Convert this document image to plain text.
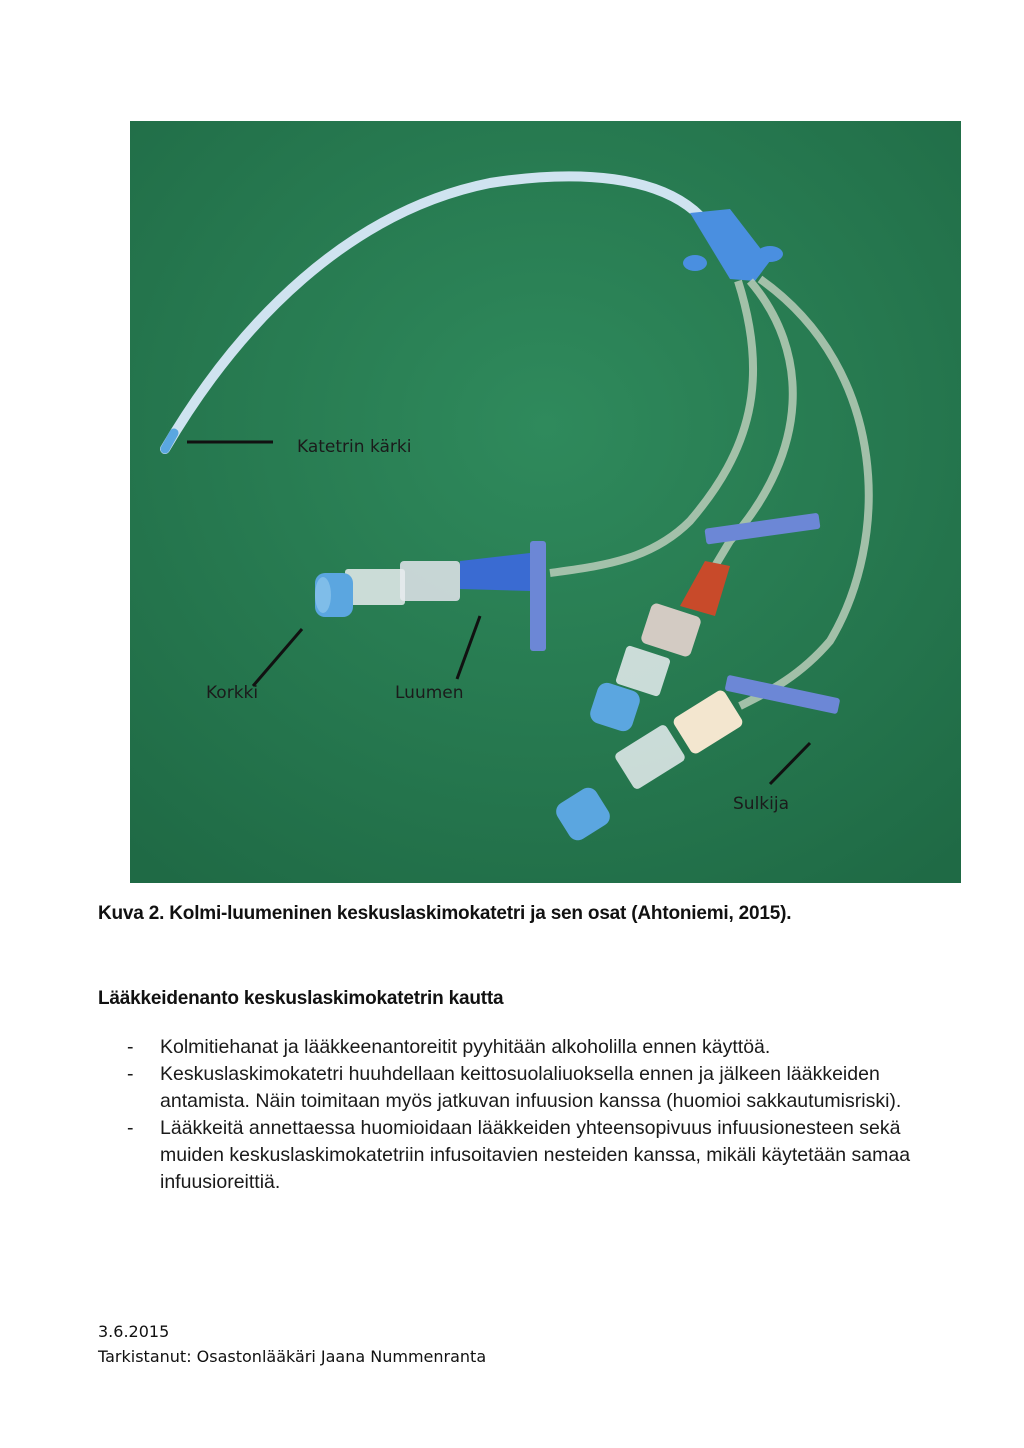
Katetrin kärki
Korkki	Luumen
Sulkija
Kuva 2. Kolmi-luumeninen keskuslaskimokatetri ja sen osat (Ahtoniemi, 2015).
Lääkkeidenanto keskuslaskimokatetrin kautta
- Kolmitiehanat ja lääkkeenantoreitit pyyhitään alkoholilla ennen käyttöä.
- Keskuslaskimokatetri huuhdellaan keittosuolaliuoksella ennen ja jälkeen lääkkeiden antamista. Näin toimitaan myös jatkuvan infuusion kanssa (huomioi sakkautumisriski).
- Lääkkeitä annettaessa huomioidaan lääkkeiden yhteensopivuus infuusionesteen sekä muiden keskuslaskimokatetriin infusoitavien nesteiden kanssa, mikäli käytetään samaa infuusioreittiä.
3.6.2015
Tarkistanut: Osastonlääkäri Jaana Nummenranta
